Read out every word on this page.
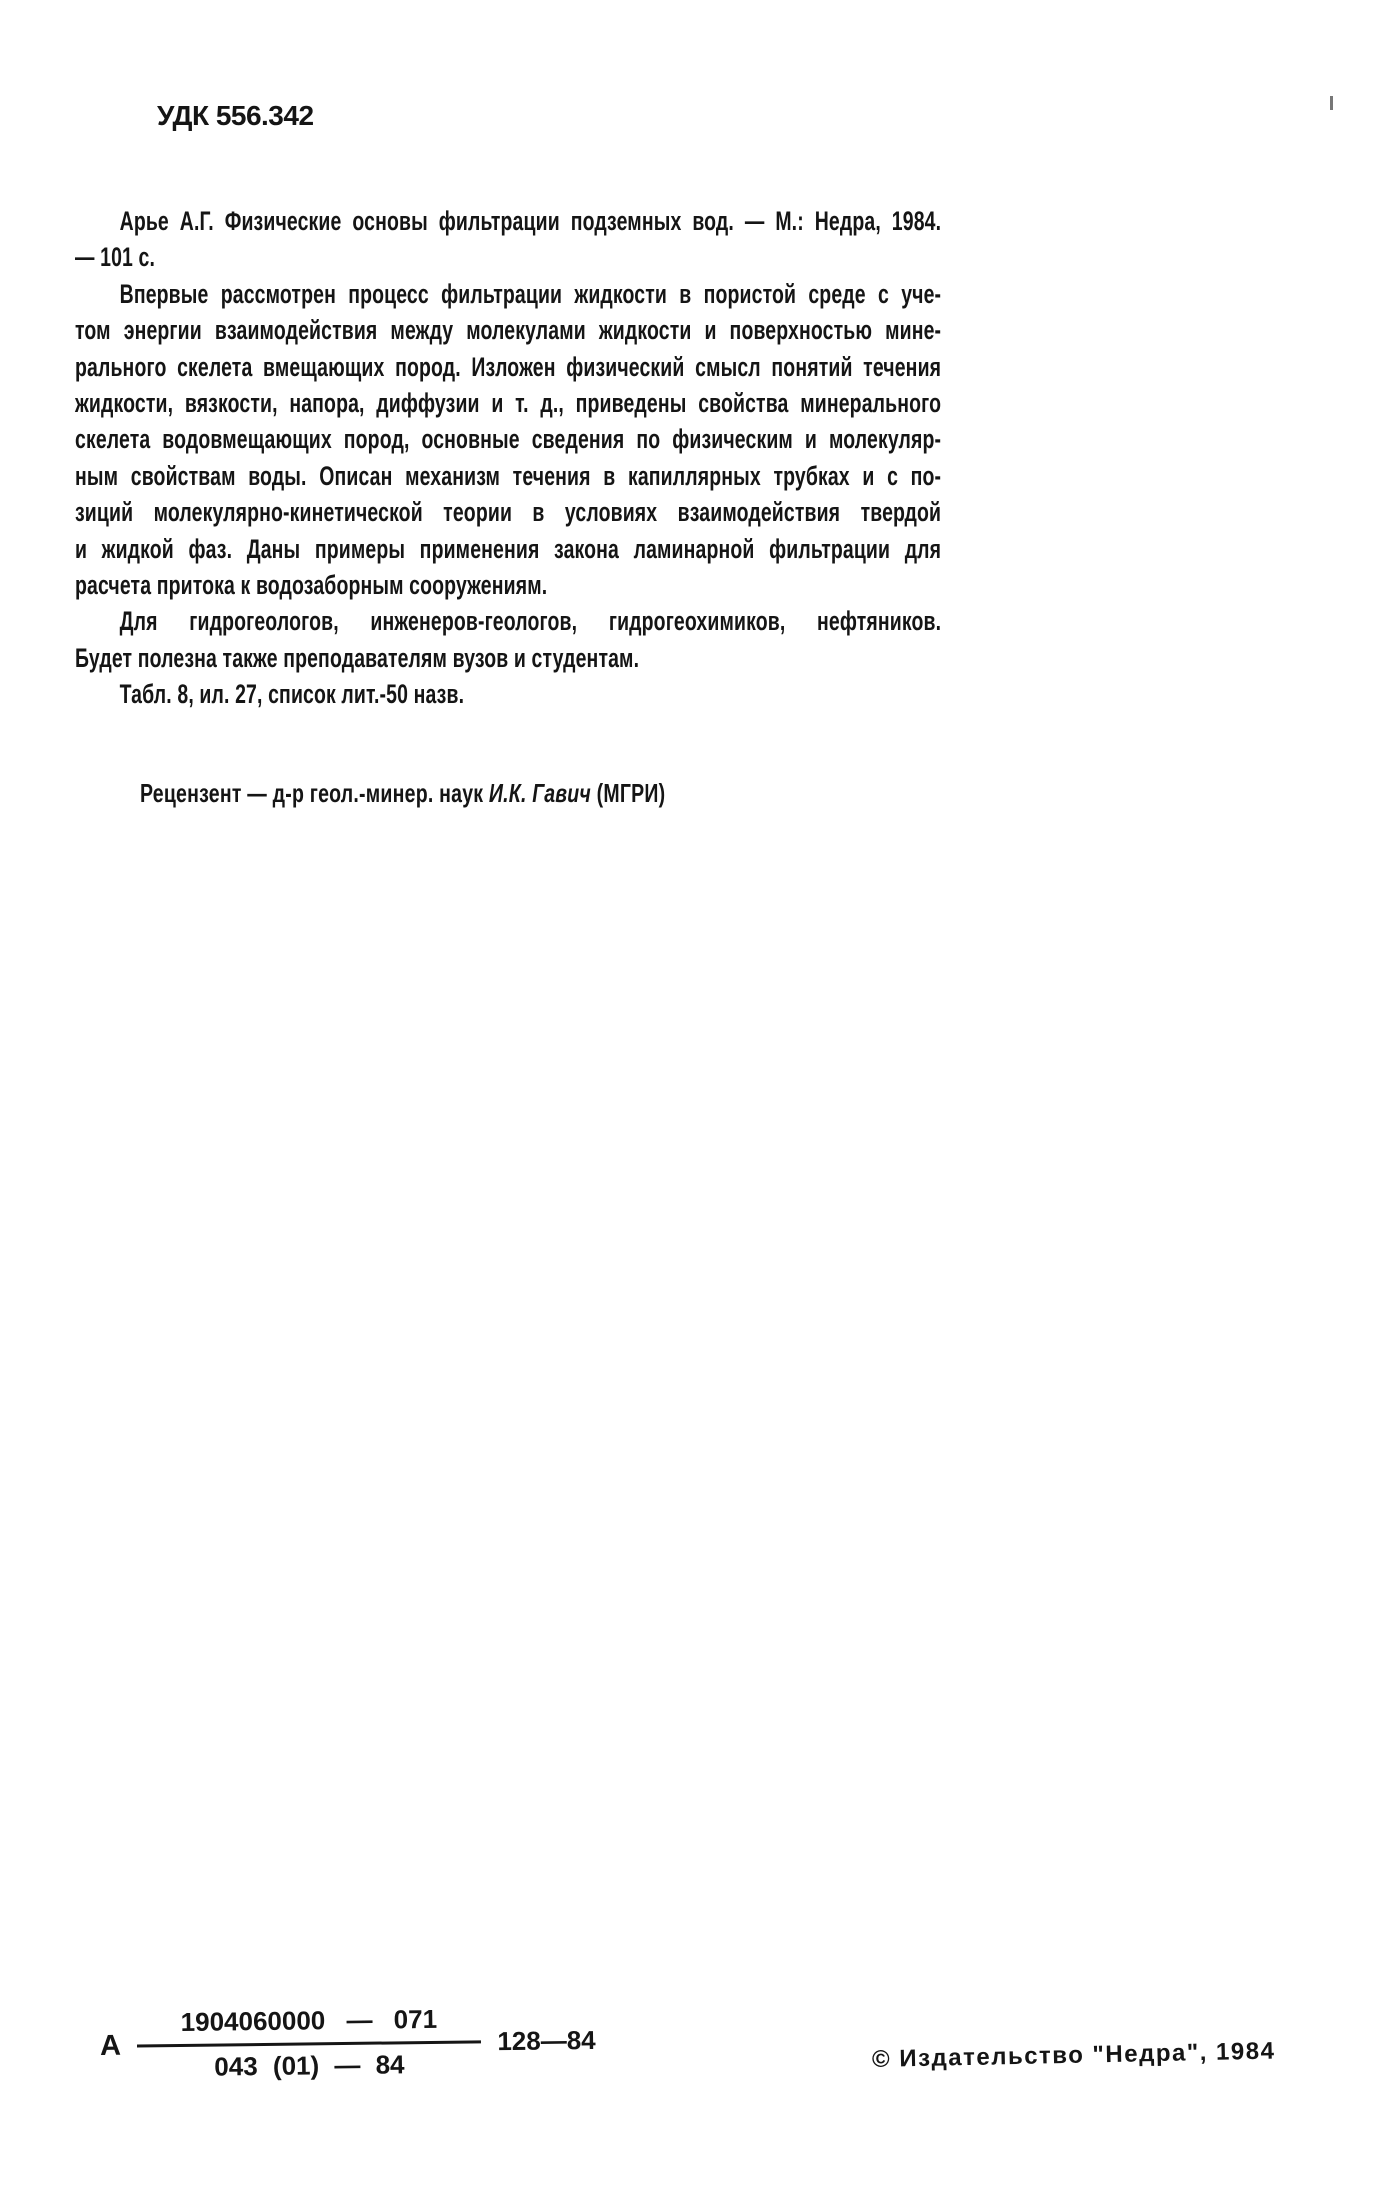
УДК 556.342
Арье А.Г. Физические основы фильтрации подземных вод. — М.: Недра, 1984.
— 101 с.
Впервые рассмотрен процесс фильтрации жидкости в пористой среде с уче-
том энергии взаимодействия между молекулами жидкости и поверхностью мине-
рального скелета вмещающих пород. Изложен физический смысл понятий течения
жидкости, вязкости, напора, диффузии и т. д., приведены свойства минерального
скелета водовмещающих пород, основные сведения по физическим и молекуляр-
ным свойствам воды. Описан механизм течения в капиллярных трубках и с по-
зиций молекулярно-кинетической теории в условиях взаимодействия твердой
и жидкой фаз. Даны примеры применения закона ламинарной фильтрации для
расчета притока к водозаборным сооружениям.
Для гидрогеологов, инженеров-геологов, гидрогеохимиков, нефтяников.
Будет полезна также преподавателям вузов и студентам.
Табл. 8, ил. 27, список лит.-50 назв.
Рецензент — д-р геол.-минер. наук И.К. Гавич (МГРИ)
А $\frac{1904060000 — 071}{043 (01) — 84}$ 128—84	© Издательство "Недра", 1984
